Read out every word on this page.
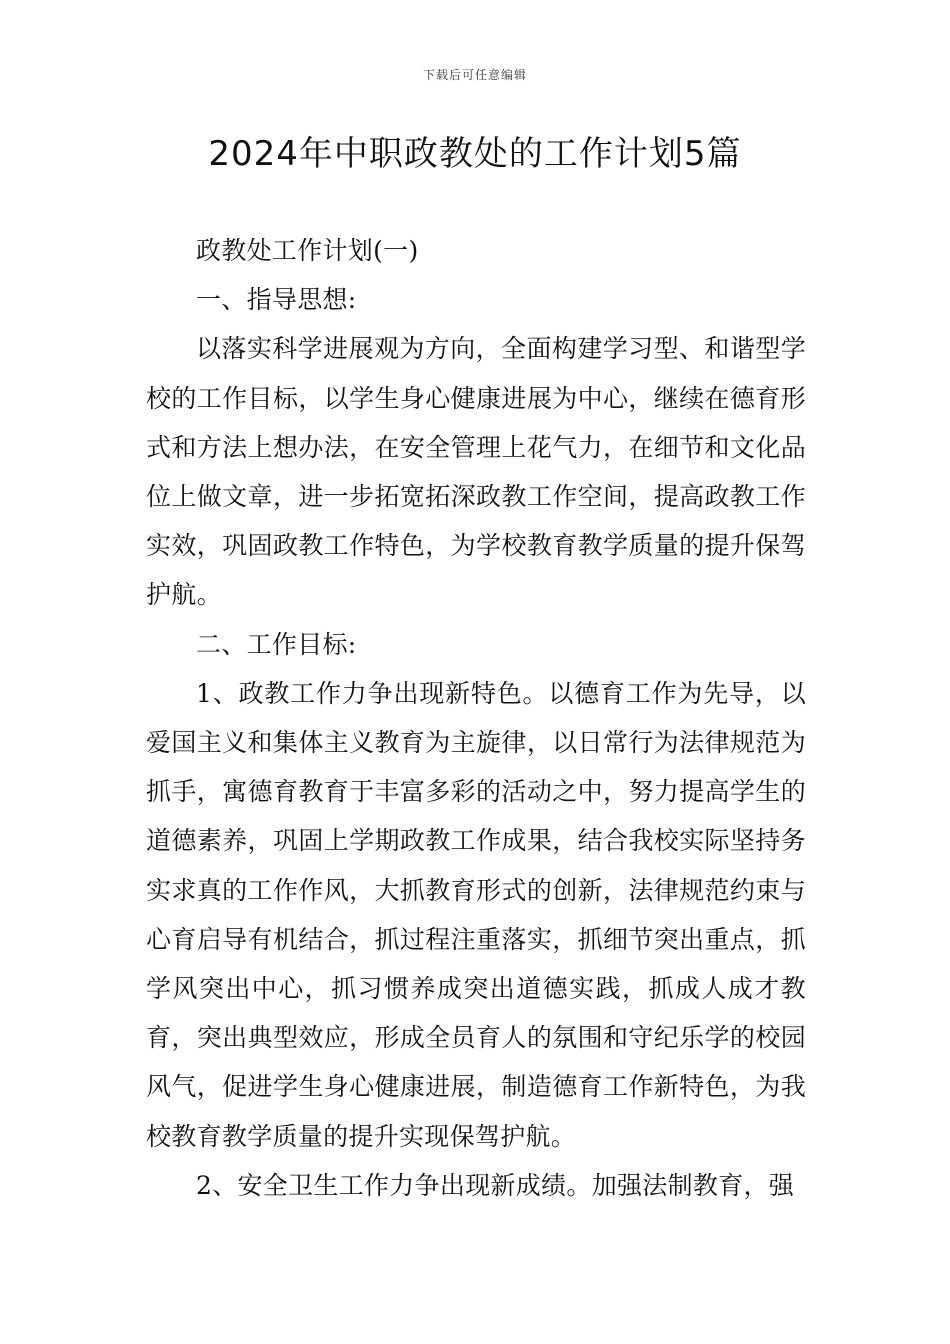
下载后可任意编辑
2024年中职政教处的工作计划5篇

政教处工作计划(一)

一、指导思想:

以落实科学进展观为方向，全面构建学习型、和谐型学校的工作目标，以学生身心健康进展为中心，继续在德育形式和方法上想办法，在安全管理上花气力，在细节和文化品位上做文章，进一步拓宽拓深政教工作空间，提高政教工作实效，巩固政教工作特色，为学校教育教学质量的提升保驾护航。

二、工作目标:

1、政教工作力争出现新特色。以德育工作为先导，以爱国主义和集体主义教育为主旋律，以日常行为法律规范为抓手，寓德育教育于丰富多彩的活动之中，努力提高学生的道德素养，巩固上学期政教工作成果，结合我校实际坚持务实求真的工作作风，大抓教育形式的创新，法律规范约束与心育启导有机结合，抓过程注重落实，抓细节突出重点，抓学风突出中心，抓习惯养成突出道德实践，抓成人成才教育，突出典型效应，形成全员育人的氛围和守纪乐学的校园风气，促进学生身心健康进展，制造德育工作新特色，为我校教育教学质量的提升实现保驾护航。

2、安全卫生工作力争出现新成绩。加强法制教育，强
